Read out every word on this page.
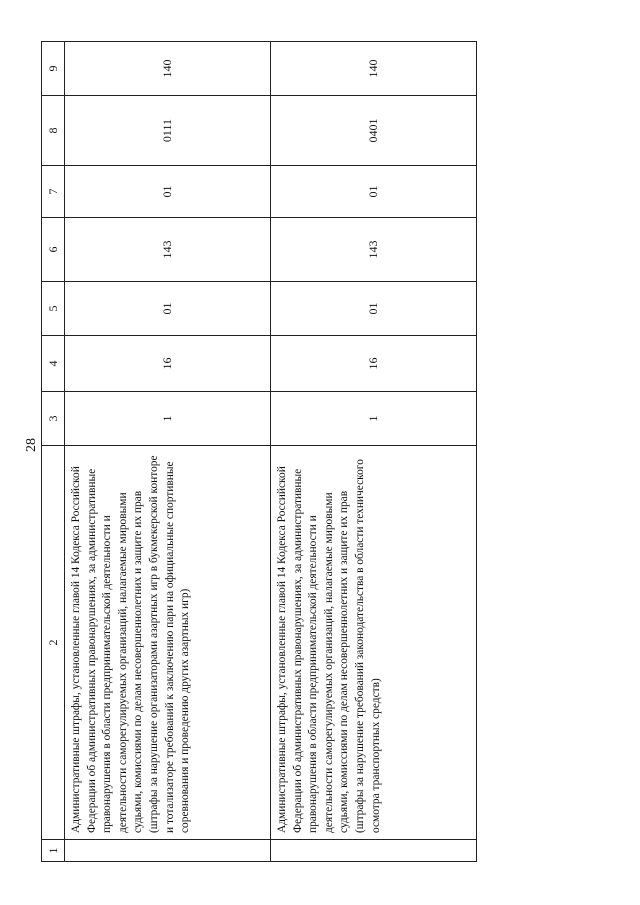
28
1	2	3	4	5	6	7	8	9
	Административные штрафы, установленные главой 14 Кодекса Российской Федерации об административных правонарушениях, за административные правонарушения в области предпринимательской деятельности и деятельности саморегулируемых организаций, налагаемые мировыми судьями, комиссиями по делам несовершеннолетних и защите их прав (штрафы за нарушение организаторами азартных игр в букмекерской конторе и тотализаторе требований к заключению пари на официальные спортивные соревнования и проведению других азартных игр)	1	16	01	143	01	0111	140
	Административные штрафы, установленные главой 14 Кодекса Российской Федерации об административных правонарушениях, за административные правонарушения в области предпринимательской деятельности и деятельности саморегулируемых организаций, налагаемые мировыми судьями, комиссиями по делам несовершеннолетних и защите их прав (штрафы за нарушение требований законодательства в области технического осмотра транспортных средств)	1	16	01	143	01	0401	140
